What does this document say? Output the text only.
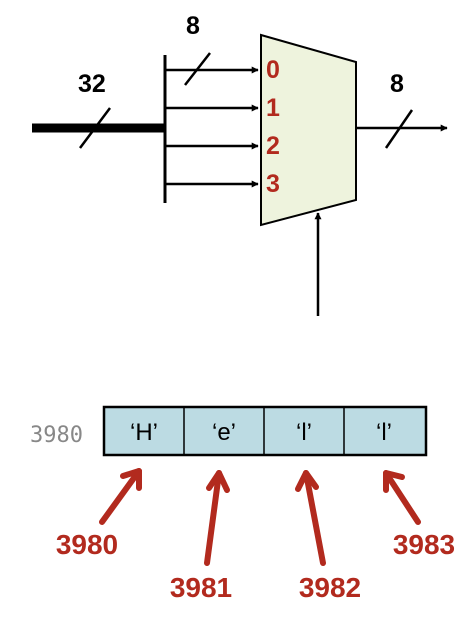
32
8
0
1
2
3
8
3980 ‘H’ ‘e’ ‘l’	‘l’
3980
3981 3982
3983
